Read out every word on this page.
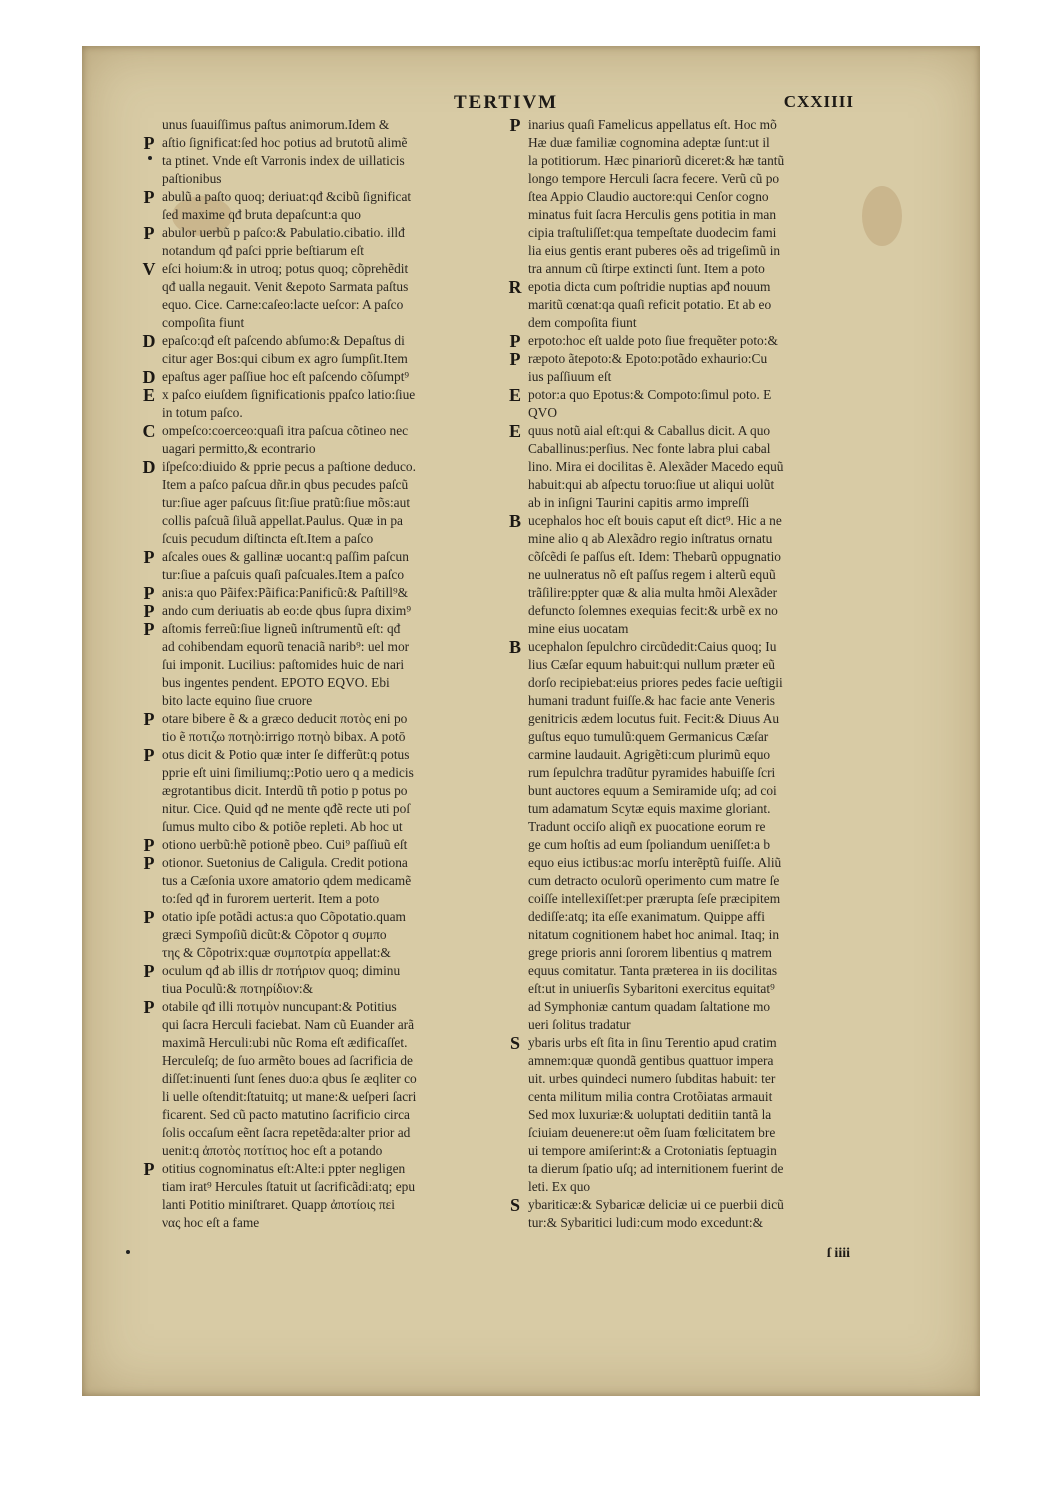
TERTIVM	CXXIIII
unus ſuauiſſimus paſtus animorum.Idem &
P aſtio ſignificat:ſed hoc potius ad brutotũ alimẽ
ta ptinet. Vnde eſt Varronis index de uillaticis
paſtionibus
P abulũ a paſto quoq; deriuat:qđ &cibũ ſignificat
ſed maxime qđ bruta depaſcunt:a quo
P abulor uerbũ p paſco:& Pabulatio.cibatio. illđ
notandum qđ paſci pprie beſtiarum eſt
V eſci hoium:& in utroq; potus quoq; cõprehẽdit
qđ ualla negauit. Venit &epoto Sarmata paſtus
equo. Cice. Carne:caſeo:lacte ueſcor: A paſco
compoſita fiunt
D epaſco:qđ eſt paſcendo abſumo:& Depaſtus di
citur ager Bos:qui cibum ex agro ſumpſit.Item
D epaſtus ager paſſiue hoc eſt paſcendo cõſumpt⁹
E x paſco eiuſdem ſignificationis ppaſco latio:ſiue
in totum paſco.
C ompeſco:coerceo:quaſi itra paſcua cõtineo nec
uagari permitto,& econtrario
D iſpeſco:diuido & pprie pecus a paſtione deduco.
Item a paſco paſcua dñr.in qbus pecudes paſcũ
tur:ſiue ager paſcuus ſit:ſiue pratũ:ſiue mõs:aut
collis paſcuã ſiluã appellat.Paulus. Quæ in pa
ſcuis pecudum diſtincta eſt.Item a paſco
P aſcales oues & gallinæ uocant:q paſſim paſcun
tur:ſiue a paſcuis quaſi paſcuales.Item a paſco
P anis:a quo Pãifex:Pãifica:Panificũ:& Paſtill⁹&
P ando cum deriuatis ab eo:de qbus ſupra dixim⁹
P aſtomis ferreũ:ſiue ligneũ inſtrumentũ eſt: qđ
ad cohibendam equorũ tenaciã narib⁹: uel mor
ſui imponit. Lucilius: paſtomides huic de nari
bus ingentes pendent. EPOTO EQVO. Ebi
bito lacte equino ſiue cruore
P otare bibere ẽ & a græco deducit ποτὸς eni po
tio ẽ ποτιζω ποτηὸ:irrigo ποτηὸ bibax. A potō
P otus dicit & Potio quæ inter ſe differũt:q potus
pprie eſt uini ſimiliumq;:Potio uero q a medicis
ægrotantibus dicit. Interdũ tñ potio p potus po
nitur. Cice. Quid qđ ne mente qđẽ recte uti poſ
ſumus multo cibo & potiõe repleti. Ab hoc ut
P otiono uerbũ:hẽ potionẽ pbeo. Cui⁹ paſſiuũ eſt
P otionor. Suetonius de Caligula. Credit potiona
tus a Cæſonia uxore amatorio qdem medicamẽ
to:ſed qđ in furorem uerterit. Item a poto
P otatio ipſe potãdi actus:a quo Cõpotatio.quam
græci Sympoſiũ dicũt:& Cõpotor q συμπο
της & Cõpotrix:quæ συμποτρία appellat:&
P oculum qđ ab illis dr ποτήριον quoq; diminu
tiua Poculũ:& ποτηρίδιον:&
P otabile qđ illi ποτιμὸν nuncupant:& Potitius
qui ſacra Herculi faciebat. Nam cũ Euander arã
maximã Herculi:ubi nũc Roma eſt ædificaſſet.
Herculeſq; de ſuo armẽto boues ad ſacrificia de
diſſet:inuenti ſunt ſenes duo:a qbus ſe æqliter co
li uelle oſtendit:ſtatuitq; ut mane:& ueſperi ſacri
ficarent. Sed cũ pacto matutino ſacrificio circa
ſolis occaſum eẽnt ſacra repetẽda:alter prior ad
uenit:q ἀποτὸς ποτίτιος hoc eſt a potando
P otitius cognominatus eſt:Alte:i ppter negligen
tiam irat⁹ Hercules ſtatuit ut ſacrificãdi:atq; epu
lanti Potitio miniſtraret. Quapp ἀποτίοις πεi
νας hoc eſt a fame
P inarius quaſi Famelicus appellatus eſt. Hoc mõ
Hæ duæ familiæ cognomina adeptæ ſunt:ut il
la potitiorum. Hæc pinariorũ diceret:& hæ tantũ
longo tempore Herculi ſacra fecere. Verũ cũ po
ſtea Appio Claudio auctore:qui Cenſor cogno
minatus fuit ſacra Herculis gens potitia in man
cipia traſtuliſſet:qua tempeſtate duodecim fami
lia eius gentis erant puberes oẽs ad trigeſimũ in
tra annum cũ ſtirpe extincti ſunt. Item a poto
R epotia dicta cum poſtridie nuptias apđ nouum
maritũ cœnat:qa quaſi reficit potatio. Et ab eo
dem compoſita fiunt
P erpoto:hoc eſt ualde poto ſiue frequẽter poto:&
P ræpoto ãtepoto:& Epoto:potãdo exhaurio:Cu
ius paſſiuum eſt
E potor:a quo Epotus:& Compoto:ſimul poto. E
QVO
E quus notũ aial eſt:qui & Caballus dicit. A quo
Caballinus:perſius. Nec fonte labra plui cabal
lino. Mira ei docilitas ẽ. Alexãder Macedo equũ
habuit:qui ab aſpectu toruo:ſiue ut aliqui uolũt
ab in inſigni Taurini capitis armo impreſſi
B ucephalos hoc eſt bouis caput eſt dict⁹. Hic a ne
mine alio q ab Alexãdro regio inſtratus ornatu
cõſcẽdi ſe paſſus eſt. Idem: Thebarũ oppugnatio
ne uulneratus nõ eſt paſſus regem i alterũ equũ
trãſilire:ppter quæ & alia multa hmõi Alexãder
defuncto ſolemnes exequias fecit:& urbẽ ex no
mine eius uocatam
B ucephalon ſepulchro circũdedit:Caius quoq; Iu
lius Cæſar equum habuit:qui nullum præter eũ
dorſo recipiebat:eius priores pedes facie ueſtigii
humani tradunt fuiſſe.& hac facie ante Veneris
genitricis ædem locutus fuit. Fecit:& Diuus Au
guſtus equo tumulũ:quem Germanicus Cæſar
carmine laudauit. Agrigẽti:cum plurimũ equo
rum ſepulchra tradũtur pyramides habuiſſe ſcri
bunt auctores equum a Semiramide uſq; ad coi
tum adamatum Scytæ equis maxime gloriant.
Tradunt occiſo aliqñ ex puocatione eorum re
ge cum hoſtis ad eum ſpoliandum ueniſſet:a b
equo eius ictibus:ac morſu interẽptũ fuiſſe. Aliũ
cum detracto oculorũ operimento cum matre ſe
coiſſe intellexiſſet:per prærupta ſeſe præcipitem
dediſſe:atq; ita eſſe exanimatum. Quippe affi
nitatum cognitionem habet hoc animal. Itaq; in
grege prioris anni ſororem libentius q matrem
equus comitatur. Tanta præterea in iis docilitas
eſt:ut in uniuerſis Sybaritoni exercitus equitat⁹
ad Symphoniæ cantum quadam ſaltatione mo
ueri ſolitus tradatur
S ybaris urbs eſt ſita in ſinu Terentio apud cratim
amnem:quæ quondã gentibus quattuor impera
uit. urbes quindeci numero ſubditas habuit: ter
centa militum milia contra Crotõiatas armauit
Sed mox luxuriæ:& uoluptati deditiin tantã la
ſciuiam deuenere:ut oẽm ſuam fœlicitatem bre
ui tempore amiſerint:& a Crotoniatis ſeptuagin
ta dierum ſpatio uſq; ad internitionem fuerint de
leti. Ex quo
S ybariticæ:& Sybaricæ deliciæ ui ce puerbii dicũ
tur:& Sybaritici ludi:cum modo excedunt:&
ſ iiii
